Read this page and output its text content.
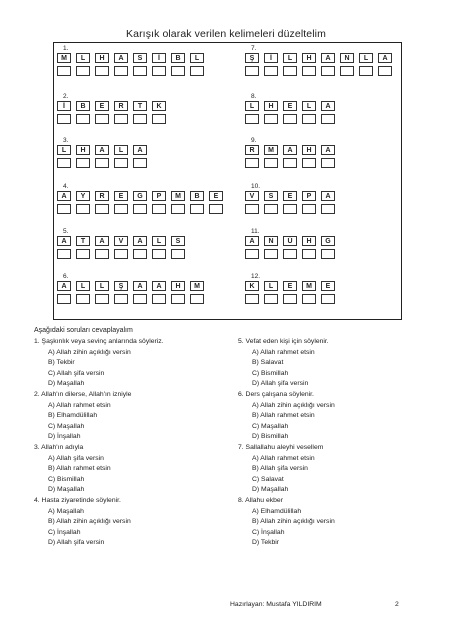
Karışık olarak verilen kelimeleri düzeltelim
1.
M	L	H	A	S	İ	B	L
7.
Ş	İ	L	H	A	N	L	A
2.
İ	B	E	R	T	K
8.
L	H	E	L	A
3.
L	H	A	L	A
9.
R	M	A	H	A
4.
A	Y	R	E	G	P	M	B	E
10.
V	S	E	P	A
5.
A	T	A	V	A	L	S
11.
A	N	Ü	H	G
6.
A	L	L	Ş	A	A	H	M
12.
K	L	E	M	E
Aşağıdaki soruları cevaplayalım
1. Şaşkınlık veya sevinç anlarında söyleriz.
A) Allah zihin açıklığı versin
B) Tekbir
C) Allah şifa versin
D) Maşallah
2. Allah'ın dilerse, Allah'ın izniyle
A) Allah rahmet etsin
B) Elhamdülillah
C) Maşallah
D) İnşallah
3. Allah'ın adıyla
A) Allah şifa versin
B) Allah rahmet etsin
C) Bismillah
D) Maşallah
4. Hasta ziyaretinde söylenir.
A) Maşallah
B) Allah zihin açıklığı versin
C) İnşallah
D) Allah şifa versin
5. Vefat eden kişi için söylenir.
A) Allah rahmet etsin
B) Salavat
C) Bismillah
D) Allah şifa versin
6. Ders çalışana söylenir.
A) Allah zihin açıklığı versin
B) Allah rahmet etsin
C) Maşallah
D) Bismillah
7. Sallallahu aleyhi vesellem
A) Allah rahmet etsin
B) Allah şifa versin
C) Salavat
D) Maşallah
8. Allahu ekber
A) Elhamdülillah
B) Allah zihin açıklığı versin
C) İnşallah
D) Tekbir
Hazırlayan: Mustafa YILDIRIM	2
